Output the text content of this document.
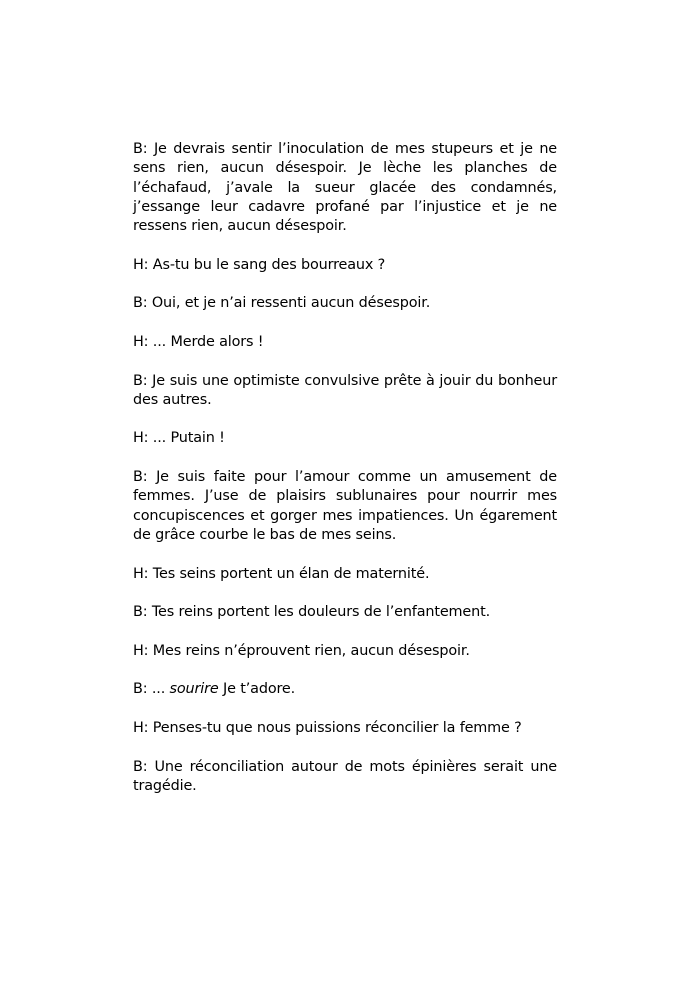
B: Je devrais sentir l’inoculation de mes stupeurs et je ne sens rien, aucun désespoir. Je lèche les planches de l’échafaud, j’avale la sueur glacée des condamnés, j’essange leur cadavre profané par l’injustice et je ne ressens rien, aucun désespoir.

H: As-tu bu le sang des bourreaux ?

B: Oui, et je n’ai ressenti aucun désespoir.

H: ... Merde alors !

B: Je suis une optimiste convulsive prête à jouir du bonheur des autres.

H: ... Putain !

B: Je suis faite pour l’amour comme un amusement de femmes. J’use de plaisirs sublunaires pour nourrir mes concupiscences et gorger mes impatiences. Un égarement de grâce courbe le bas de mes seins.

H: Tes seins portent un élan de maternité.

B: Tes reins portent les douleurs de l’enfantement.

H: Mes reins n’éprouvent rien, aucun désespoir.

B: ... sourire Je t’adore.

H: Penses-tu que nous puissions réconcilier la femme ?

B: Une réconciliation autour de mots épinières serait une tragédie.
